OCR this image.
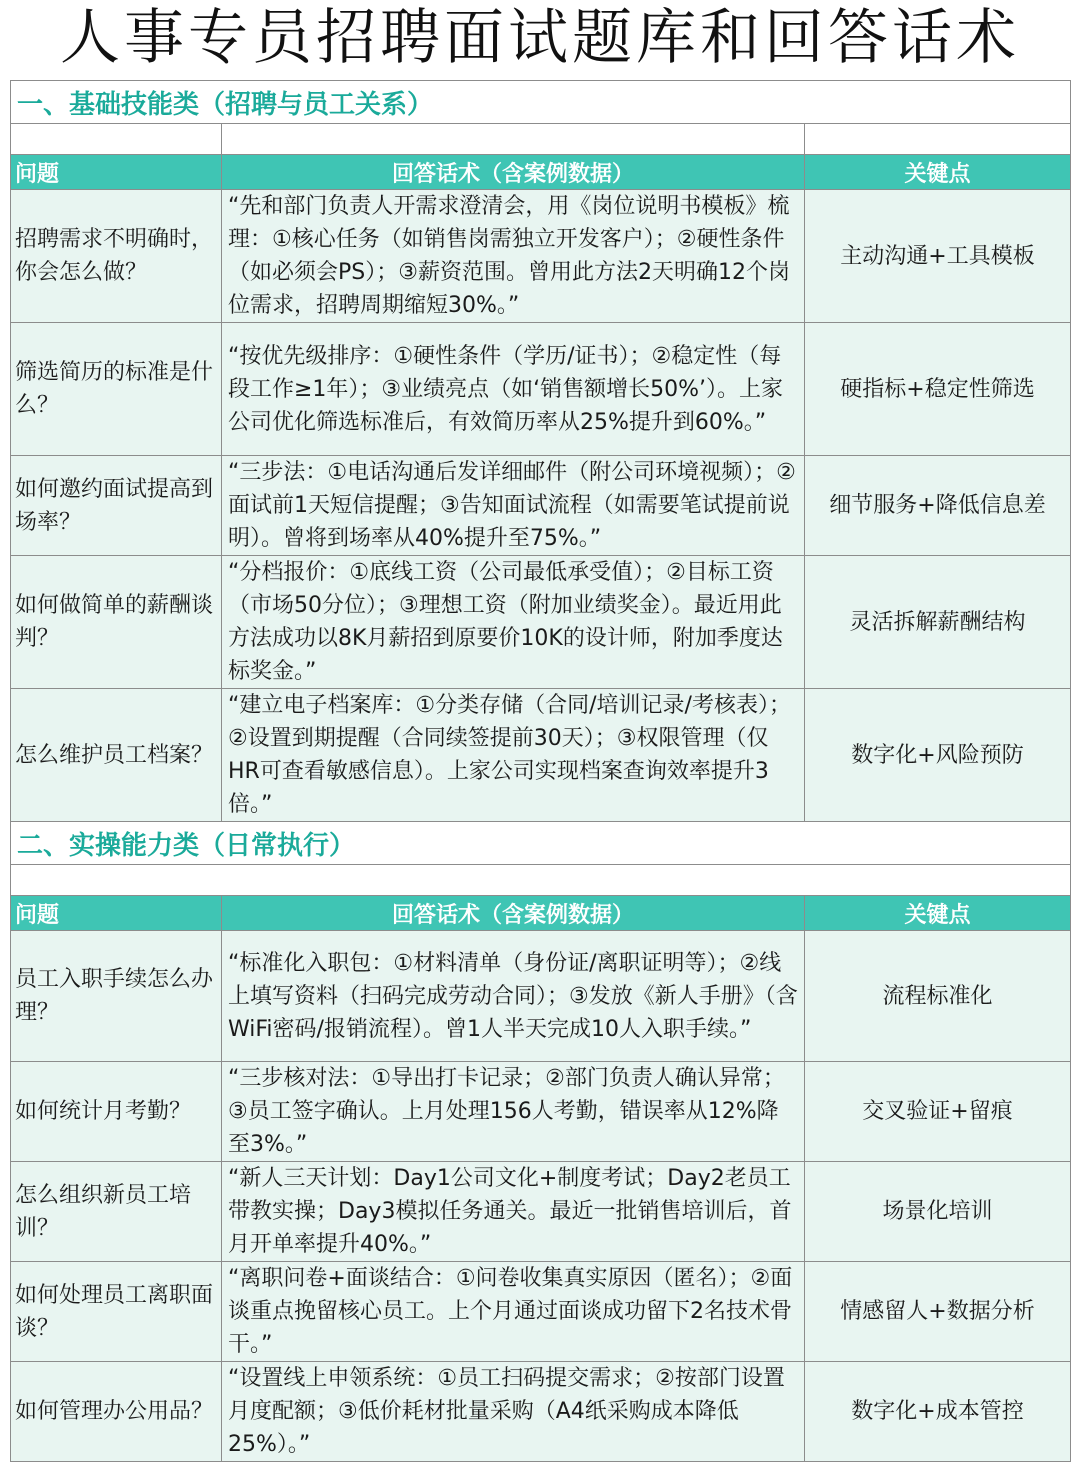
人事专员招聘面试题库和回答话术
一、基础技能类（招聘与员工关系）		

问题	回答话术（含案例数据）	关键点
招聘需求不明确时，你会怎么做？	“先和部门负责人开需求澄清会，用《岗位说明书模板》梳理：①核心任务（如销售岗需独立开发客户）；②硬性条件（如必须会PS）；③薪资范围。曾用此方法2天明确12个岗位需求，招聘周期缩短30%。”	主动沟通+工具模板
筛选简历的标准是什么？	“按优先级排序：①硬性条件（学历/证书）；②稳定性（每段工作≥1年）；③业绩亮点（如‘销售额增长50%’）。上家公司优化筛选标准后，有效简历率从25%提升到60%。”	硬指标+稳定性筛选
如何邀约面试提高到场率？	“三步法：①电话沟通后发详细邮件（附公司环境视频）；②面试前1天短信提醒；③告知面试流程（如需要笔试提前说明）。曾将到场率从40%提升至75%。”	细节服务+降低信息差
如何做简单的薪酬谈判？	“分档报价：①底线工资（公司最低承受值）；②目标工资（市场50分位）；③理想工资（附加业绩奖金）。最近用此方法成功以8K月薪招到原要价10K的设计师，附加季度达标奖金。”	灵活拆解薪酬结构
怎么维护员工档案？	“建立电子档案库：①分类存储（合同/培训记录/考核表）；②设置到期提醒（合同续签提前30天）；③权限管理（仅HR可查看敏感信息）。上家公司实现档案查询效率提升3倍。”	数字化+风险预防
二、实操能力类（日常执行）		

问题	回答话术（含案例数据）	关键点
员工入职手续怎么办理？	“标准化入职包：①材料清单（身份证/离职证明等）；②线上填写资料（扫码完成劳动合同）；③发放《新人手册》（含WiFi密码/报销流程）。曾1人半天完成10人入职手续。”	流程标准化
如何统计月考勤？	“三步核对法：①导出打卡记录；②部门负责人确认异常；③员工签字确认。上月处理156人考勤，错误率从12%降至3%。”	交叉验证+留痕
怎么组织新员工培训？	“新人三天计划：Day1公司文化+制度考试；Day2老员工带教实操；Day3模拟任务通关。最近一批销售培训后，首月开单率提升40%。”	场景化培训
如何处理员工离职面谈？	“离职问卷+面谈结合：①问卷收集真实原因（匿名）；②面谈重点挽留核心员工。上个月通过面谈成功留下2名技术骨干。”	情感留人+数据分析
如何管理办公用品？	“设置线上申领系统：①员工扫码提交需求；②按部门设置月度配额；③低价耗材批量采购（A4纸采购成本降低25%）。”	数字化+成本管控
